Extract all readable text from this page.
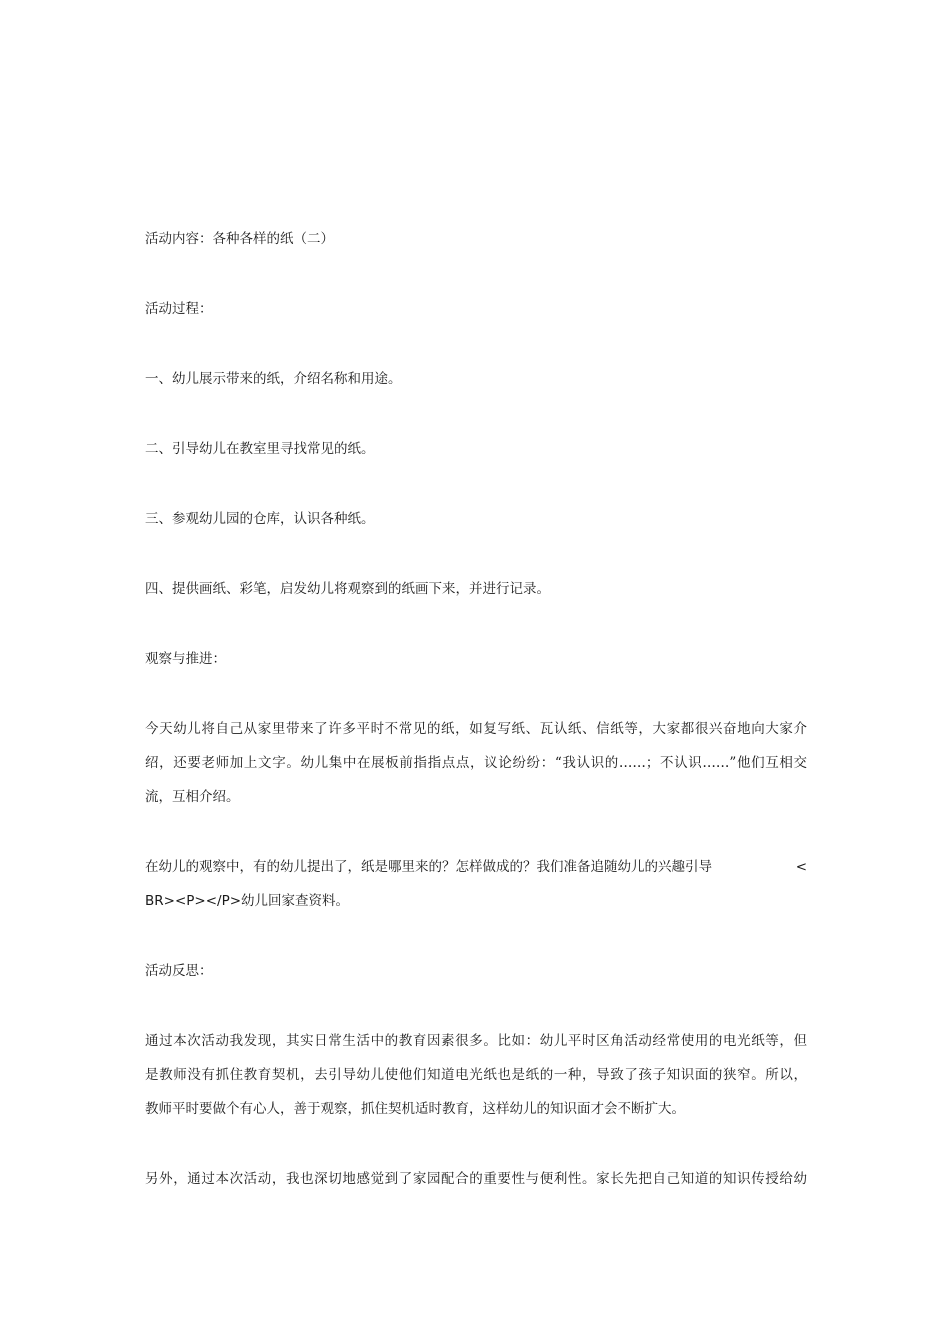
活动内容：各种各样的纸（二）
活动过程：
一、幼儿展示带来的纸，介绍名称和用途。
二、引导幼儿在教室里寻找常见的纸。
三、参观幼儿园的仓库，认识各种纸。
四、提供画纸、彩笔，启发幼儿将观察到的纸画下来，并进行记录。
观察与推进：
今天幼儿将自己从家里带来了许多平时不常见的纸，如复写纸、瓦认纸、信纸等，大家都很兴奋地向大家介
绍，还要老师加上文字。幼儿集中在展板前指指点点，议论纷纷：“我认识的……；不认识……”他们互相交
流，互相介绍。
在幼儿的观察中，有的幼儿提出了，纸是哪里来的？怎样做成的？我们准备追随幼儿的兴趣引导	<
BR><P></P>幼儿回家查资料。
活动反思：
通过本次活动我发现，其实日常生活中的教育因素很多。比如：幼儿平时区角活动经常使用的电光纸等，但
是教师没有抓住教育契机，去引导幼儿使他们知道电光纸也是纸的一种，导致了孩子知识面的狭窄。所以，
教师平时要做个有心人，善于观察，抓住契机适时教育，这样幼儿的知识面才会不断扩大。
另外，通过本次活动，我也深切地感觉到了家园配合的重要性与便利性。家长先把自己知道的知识传授给幼
